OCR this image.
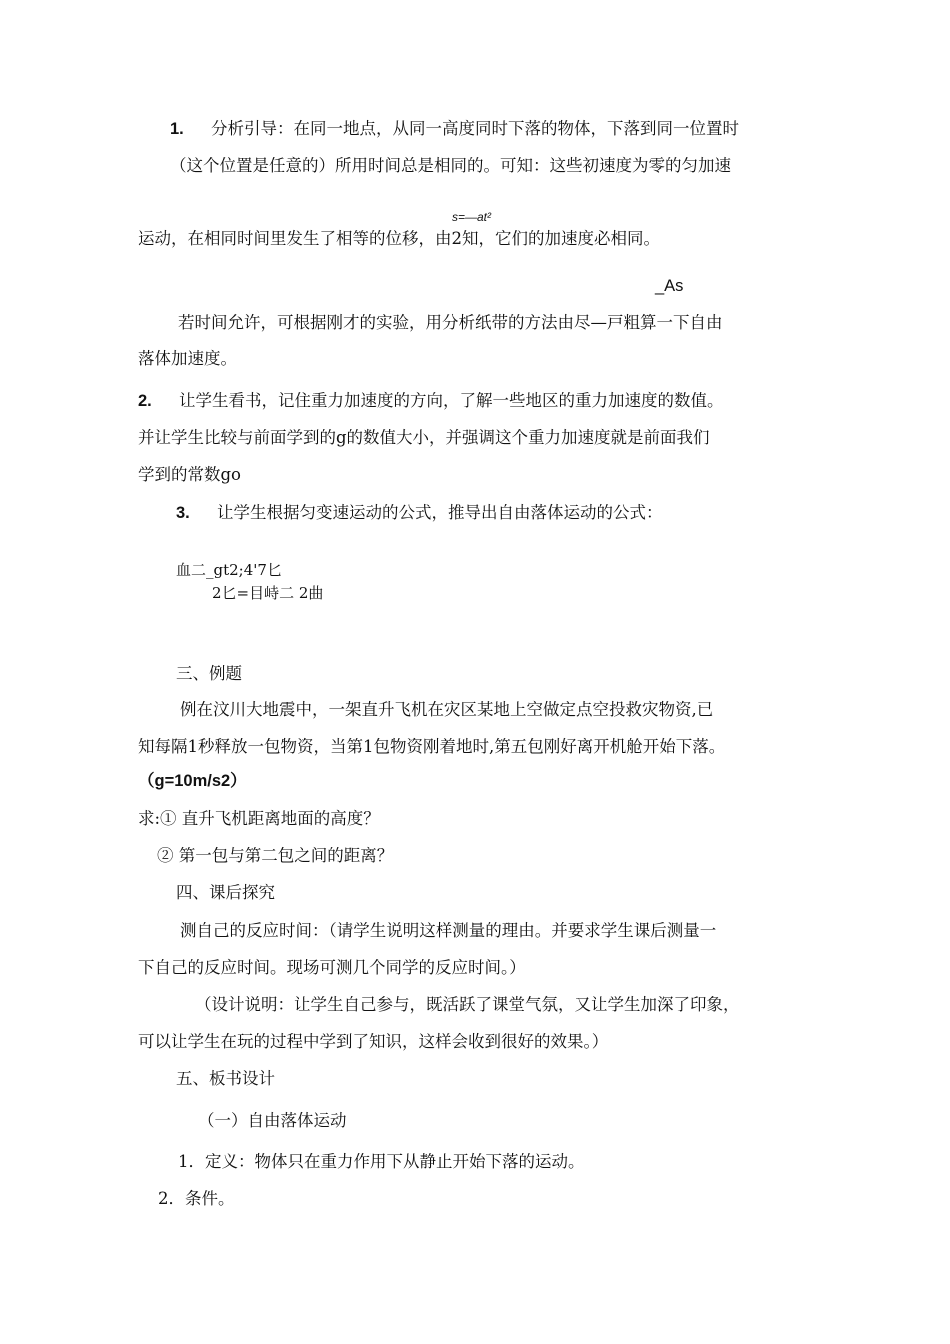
1. 分析引导：在同一地点，从同一高度同时下落的物体，下落到同一位置时
（这个位置是任意的）所用时间总是相同的。可知：这些初速度为零的匀加速
s=—at²
运动，在相同时间里发生了相等的位移，由2知，它们的加速度必相同。
_As
若时间允许，可根据刚才的实验，用分析纸带的方法由尽—戸粗算一下自由
落体加速度。
2. 让学生看书，记住重力加速度的方向，了解一些地区的重力加速度的数值。
并让学生比较与前面学到的g的数值大小，并强调这个重力加速度就是前面我们
学到的常数go
3. 让学生根据匀变速运动的公式，推导出自由落体运动的公式：
血二_gt2;4'7匕
2匕=目峙二 2曲
三、例题
例在汶川大地震中，一架直升飞机在灾区某地上空做定点空投救灾物资,已
知每隔1秒释放一包物资，当第1包物资刚着地时,第五包刚好离开机舱开始下落。
（g=10m/s2）
求:① 直升飞机距离地面的高度？
② 第一包与第二包之间的距离？
四、课后探究
测自己的反应时间：（请学生说明这样测量的理由。并要求学生课后测量一
下自己的反应时间。现场可测几个同学的反应时间。）
（设计说明：让学生自己参与，既活跃了课堂气氛，又让学生加深了印象，
可以让学生在玩的过程中学到了知识，这样会收到很好的效果。）
五、板书设计
（一）自由落体运动
1．定义：物体只在重力作用下从静止开始下落的运动。
2．条件。
